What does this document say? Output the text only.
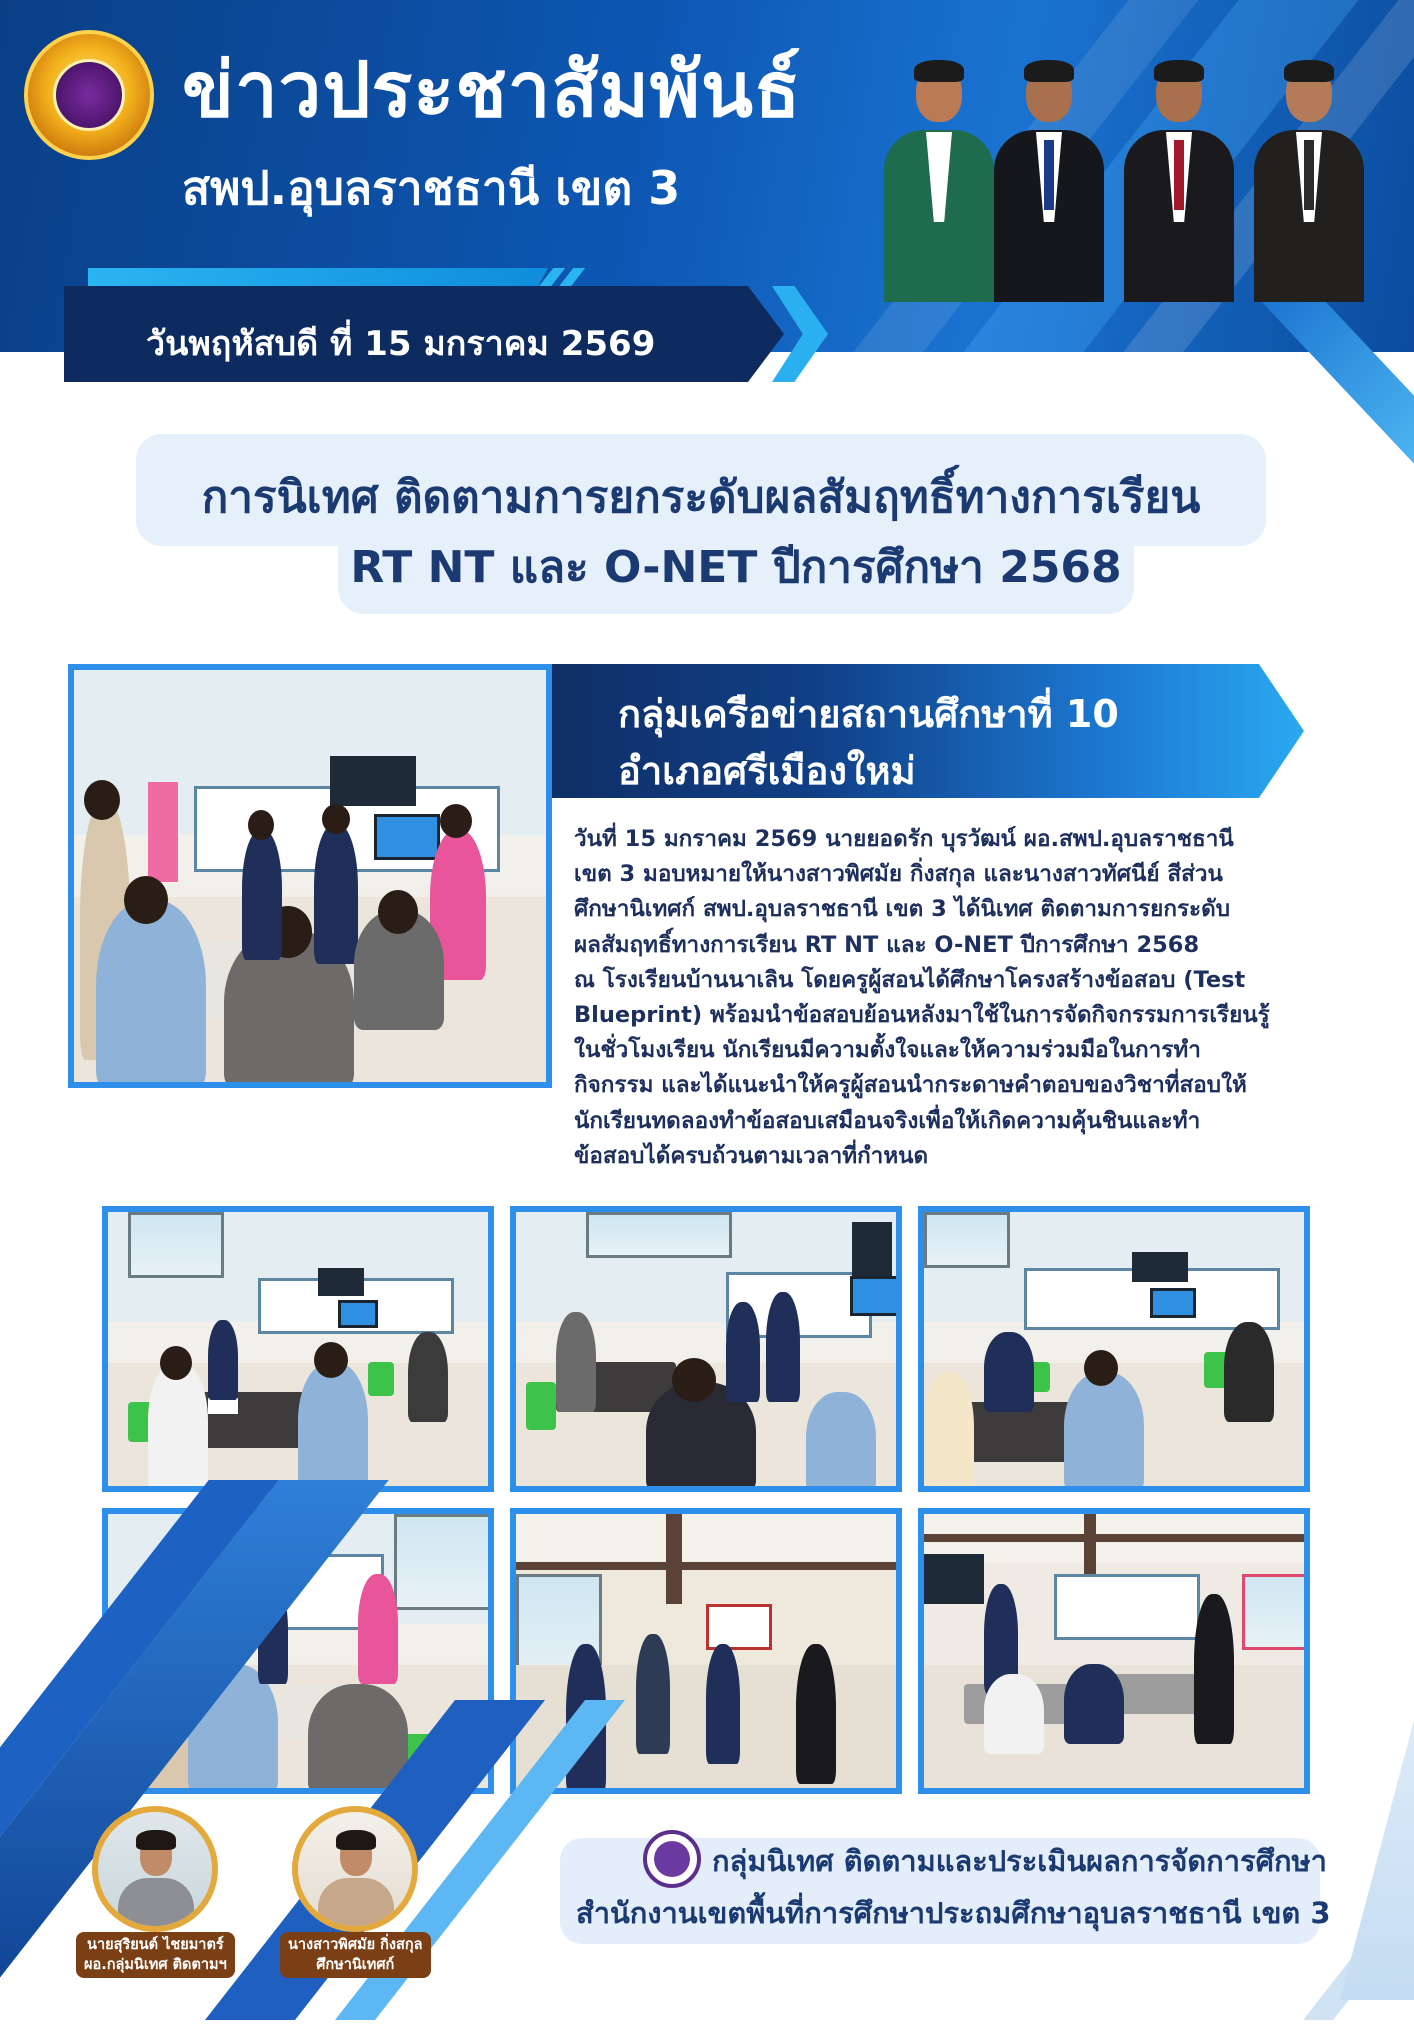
ข่าวประชาสัมพันธ์
สพป.อุบลราชธานี เขต 3
วันพฤหัสบดี ที่ 15 มกราคม 2569
การนิเทศ ติดตามการยกระดับผลสัมฤทธิ์ทางการเรียน
RT NT และ O-NET ปีการศึกษา 2568
กลุ่มเครือข่ายสถานศึกษาที่ 10
อำเภอศรีเมืองใหม่
วันที่ 15 มกราคม 2569 นายยอดรัก บุรวัฒน์ ผอ.สพป.อุบลราชธานี
เขต 3 มอบหมายให้นางสาวพิศมัย กิ่งสกุล และนางสาวทัศนีย์ สีส่วน
ศึกษานิเทศก์ สพป.อุบลราชธานี เขต 3 ได้นิเทศ ติดตามการยกระดับ
ผลสัมฤทธิ์ทางการเรียน RT NT และ O-NET ปีการศึกษา 2568
ณ โรงเรียนบ้านนาเลิน โดยครูผู้สอนได้ศึกษาโครงสร้างข้อสอบ (Test
Blueprint) พร้อมนำข้อสอบย้อนหลังมาใช้ในการจัดกิจกรรมการเรียนรู้
ในชั่วโมงเรียน นักเรียนมีความตั้งใจและให้ความร่วมมือในการทำ
กิจกรรม และได้แนะนำให้ครูผู้สอนนำกระดาษคำตอบของวิชาที่สอบให้
นักเรียนทดลองทำข้อสอบเสมือนจริงเพื่อให้เกิดความคุ้นชินและทำ
ข้อสอบได้ครบถ้วนตามเวลาที่กำหนด
นายสุริยนต์ ไชยมาตร์
ผอ.กลุ่มนิเทศ ติดตามฯ
นางสาวพิศมัย กิ่งสกุล
ศึกษานิเทศก์
กลุ่มนิเทศ ติดตามและประเมินผลการจัดการศึกษา
สำนักงานเขตพื้นที่การศึกษาประถมศึกษาอุบลราชธานี เขต 3
